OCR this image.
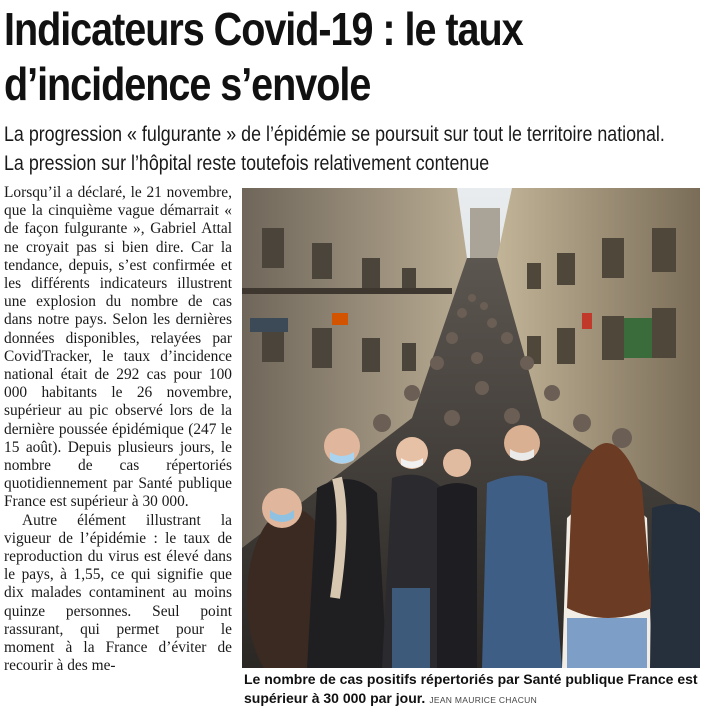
Indicateurs Covid-19 : le taux d’incidence s’envole

La progression « fulgurante » de l’épidémie se poursuit sur tout le territoire national. La pression sur l’hôpital reste toutefois relativement contenue

Lorsqu’il a déclaré, le 21 novembre, que la cinquième vague démarrait « de façon fulgurante », Gabriel Attal ne croyait pas si bien dire. Car la tendance, depuis, s’est confirmée et les différents indicateurs illustrent une explosion du nombre de cas dans notre pays. Selon les dernières données disponibles, relayées par CovidTracker, le taux d’incidence national était de 292 cas pour 100 000 habitants le 26 novembre, supérieur au pic observé lors de la dernière poussée épidémique (247 le 15 août). Depuis plusieurs jours, le nombre de cas répertoriés quotidiennement par Santé publique France est supérieur à 30 000.

Autre élément illustrant la vigueur de l’épidémie : le taux de reproduction du virus est élevé dans le pays, à 1,55, ce qui signifie que dix malades contaminent au moins quinze personnes. Seul point rassurant, qui permet pour le moment à la France d’éviter de recourir à des me-

Le nombre de cas positifs répertoriés par Santé publique France est supérieur à 30 000 par jour. JEAN MAURICE CHACUN
